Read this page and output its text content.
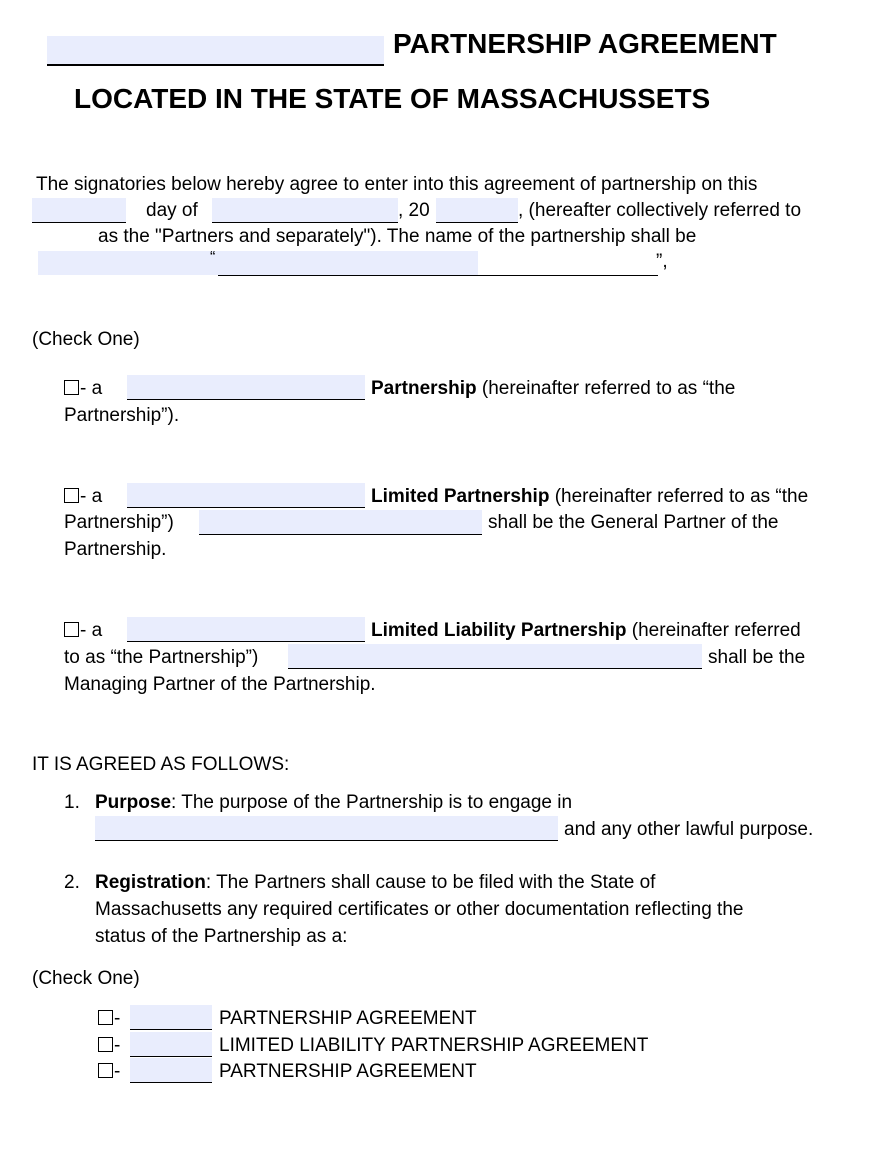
PARTNERSHIP AGREEMENT
LOCATED IN THE STATE OF MASSACHUSSETS
The signatories below hereby agree to enter into this agreement of partnership on this
day of	, 20	, (hereafter collectively referred to
as the "Partners and separately"). The name of the partnership shall be
“	”,
(Check One)
- a	Partnership (hereinafter referred to as “the
Partnership”).
- a	Limited Partnership (hereinafter referred to as “the
Partnership”)	shall be the General Partner of the
Partnership.
- a	Limited Liability Partnership (hereinafter referred
to as “the Partnership”)	shall be the
Managing Partner of the Partnership.
IT IS AGREED AS FOLLOWS:
1. Purpose: The purpose of the Partnership is to engage in
and any other lawful purpose.
2. Registration: The Partners shall cause to be filed with the State of
Massachusetts any required certificates or other documentation reflecting the
status of the Partnership as a:
(Check One)
-	PARTNERSHIP AGREEMENT
-	LIMITED LIABILITY PARTNERSHIP AGREEMENT
-	PARTNERSHIP AGREEMENT
